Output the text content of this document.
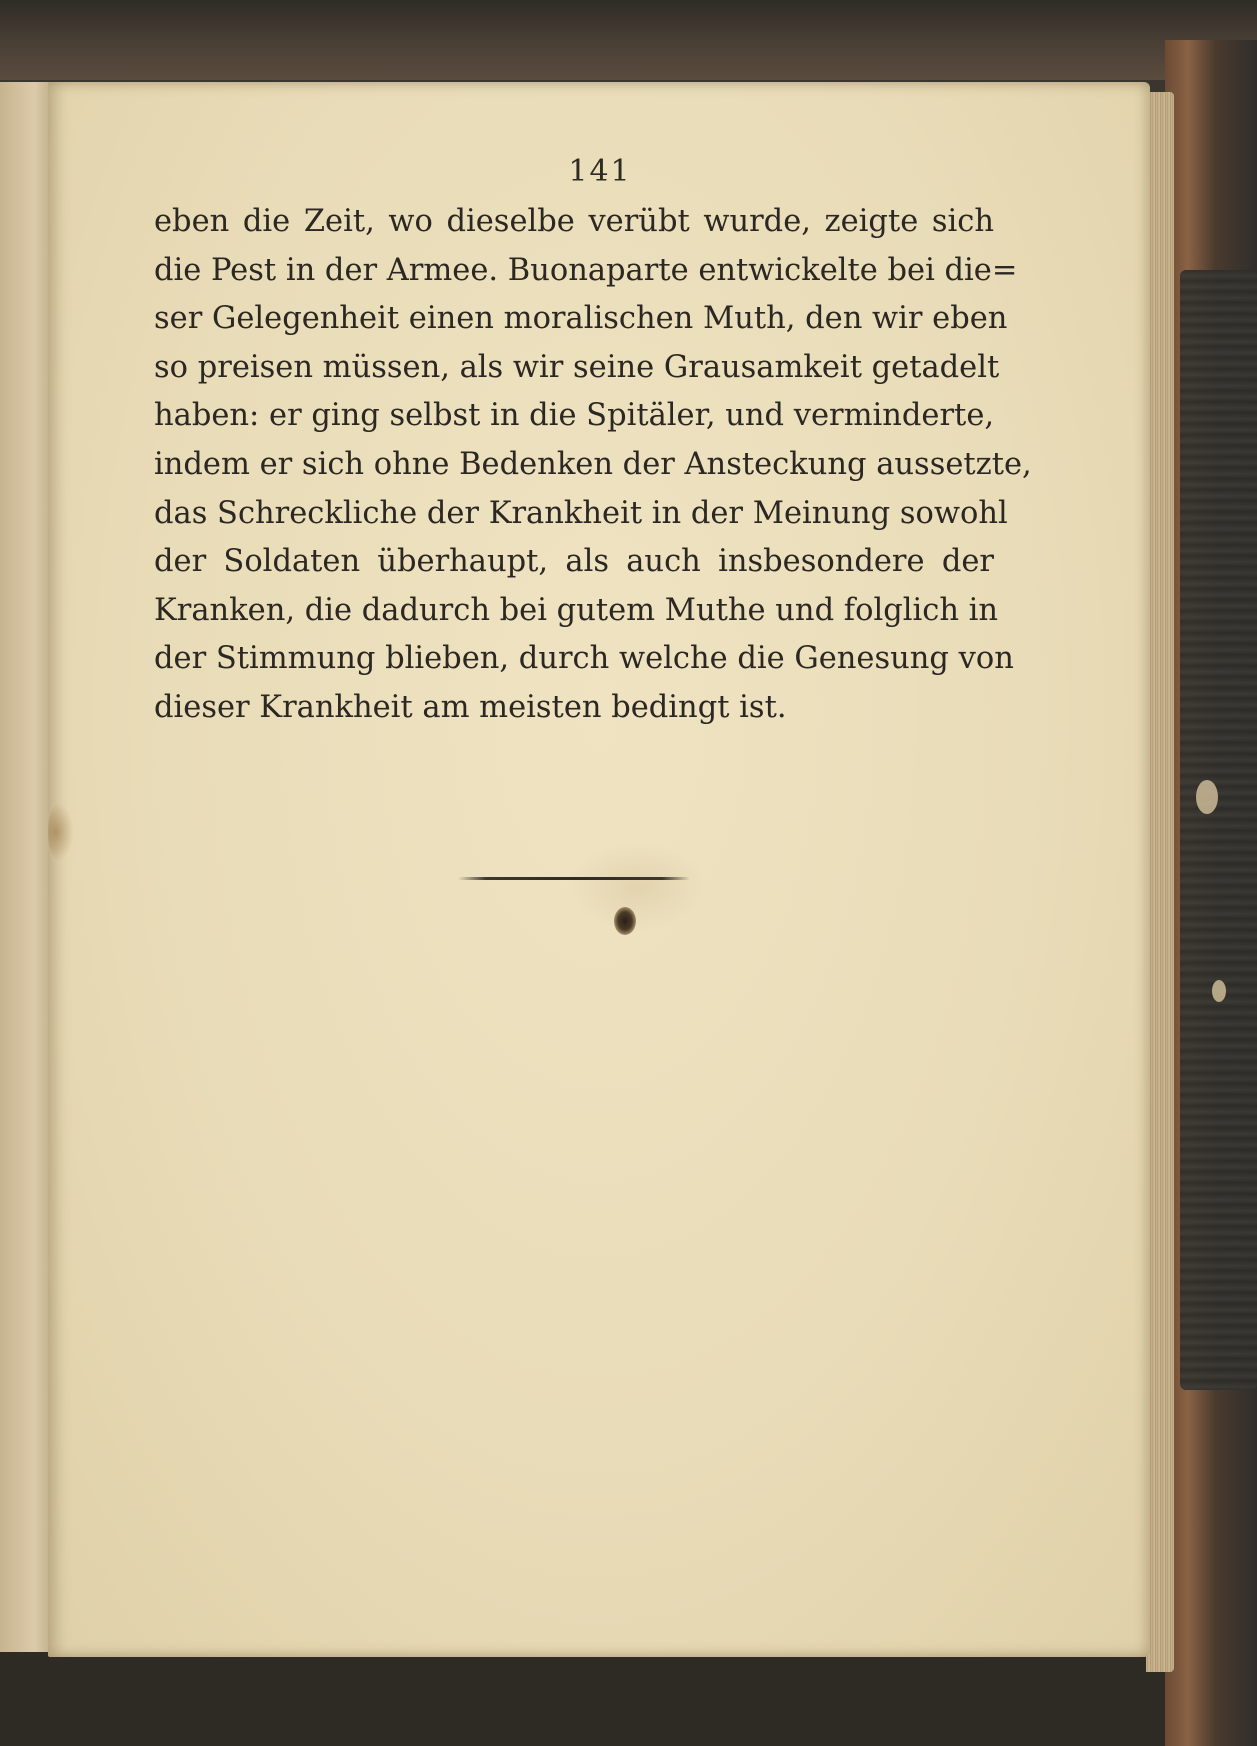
141
eben die Zeit, wo dieselbe verübt wurde, zeigte sich
die Pest in der Armee. Buonaparte entwickelte bei die=
ser Gelegenheit einen moralischen Muth, den wir eben
so preisen müssen, als wir seine Grausamkeit getadelt
haben: er ging selbst in die Spitäler, und verminderte,
indem er sich ohne Bedenken der Ansteckung aussetzte,
das Schreckliche der Krankheit in der Meinung sowohl
der Soldaten überhaupt, als auch insbesondere der
Kranken, die dadurch bei gutem Muthe und folglich in
der Stimmung blieben, durch welche die Genesung von
dieser Krankheit am meisten bedingt ist.
